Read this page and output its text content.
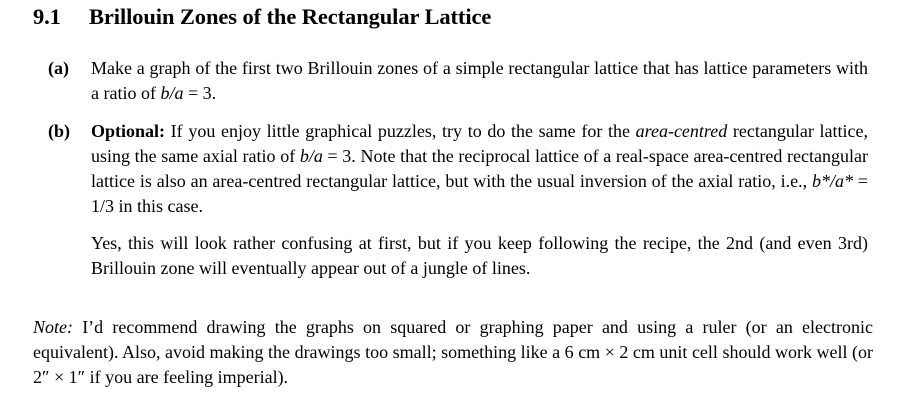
9.1 Brillouin Zones of the Rectangular Lattice
(a) Make a graph of the first two Brillouin zones of a simple rectangular lattice that has lattice parameters with a ratio of b/a = 3.
(b) Optional: If you enjoy little graphical puzzles, try to do the same for the area-centred rectangular lattice, using the same axial ratio of b/a = 3. Note that the reciprocal lattice of a real-space area-centred rectangular lattice is also an area-centred rectangular lattice, but with the usual inversion of the axial ratio, i.e., b*/a* = 1/3 in this case.

Yes, this will look rather confusing at first, but if you keep following the recipe, the 2nd (and even 3rd) Brillouin zone will eventually appear out of a jungle of lines.

Note: I’d recommend drawing the graphs on squared or graphing paper and using a ruler (or an electronic equivalent). Also, avoid making the drawings too small; something like a 6 cm × 2 cm unit cell should work well (or 2″ × 1″ if you are feeling imperial).
